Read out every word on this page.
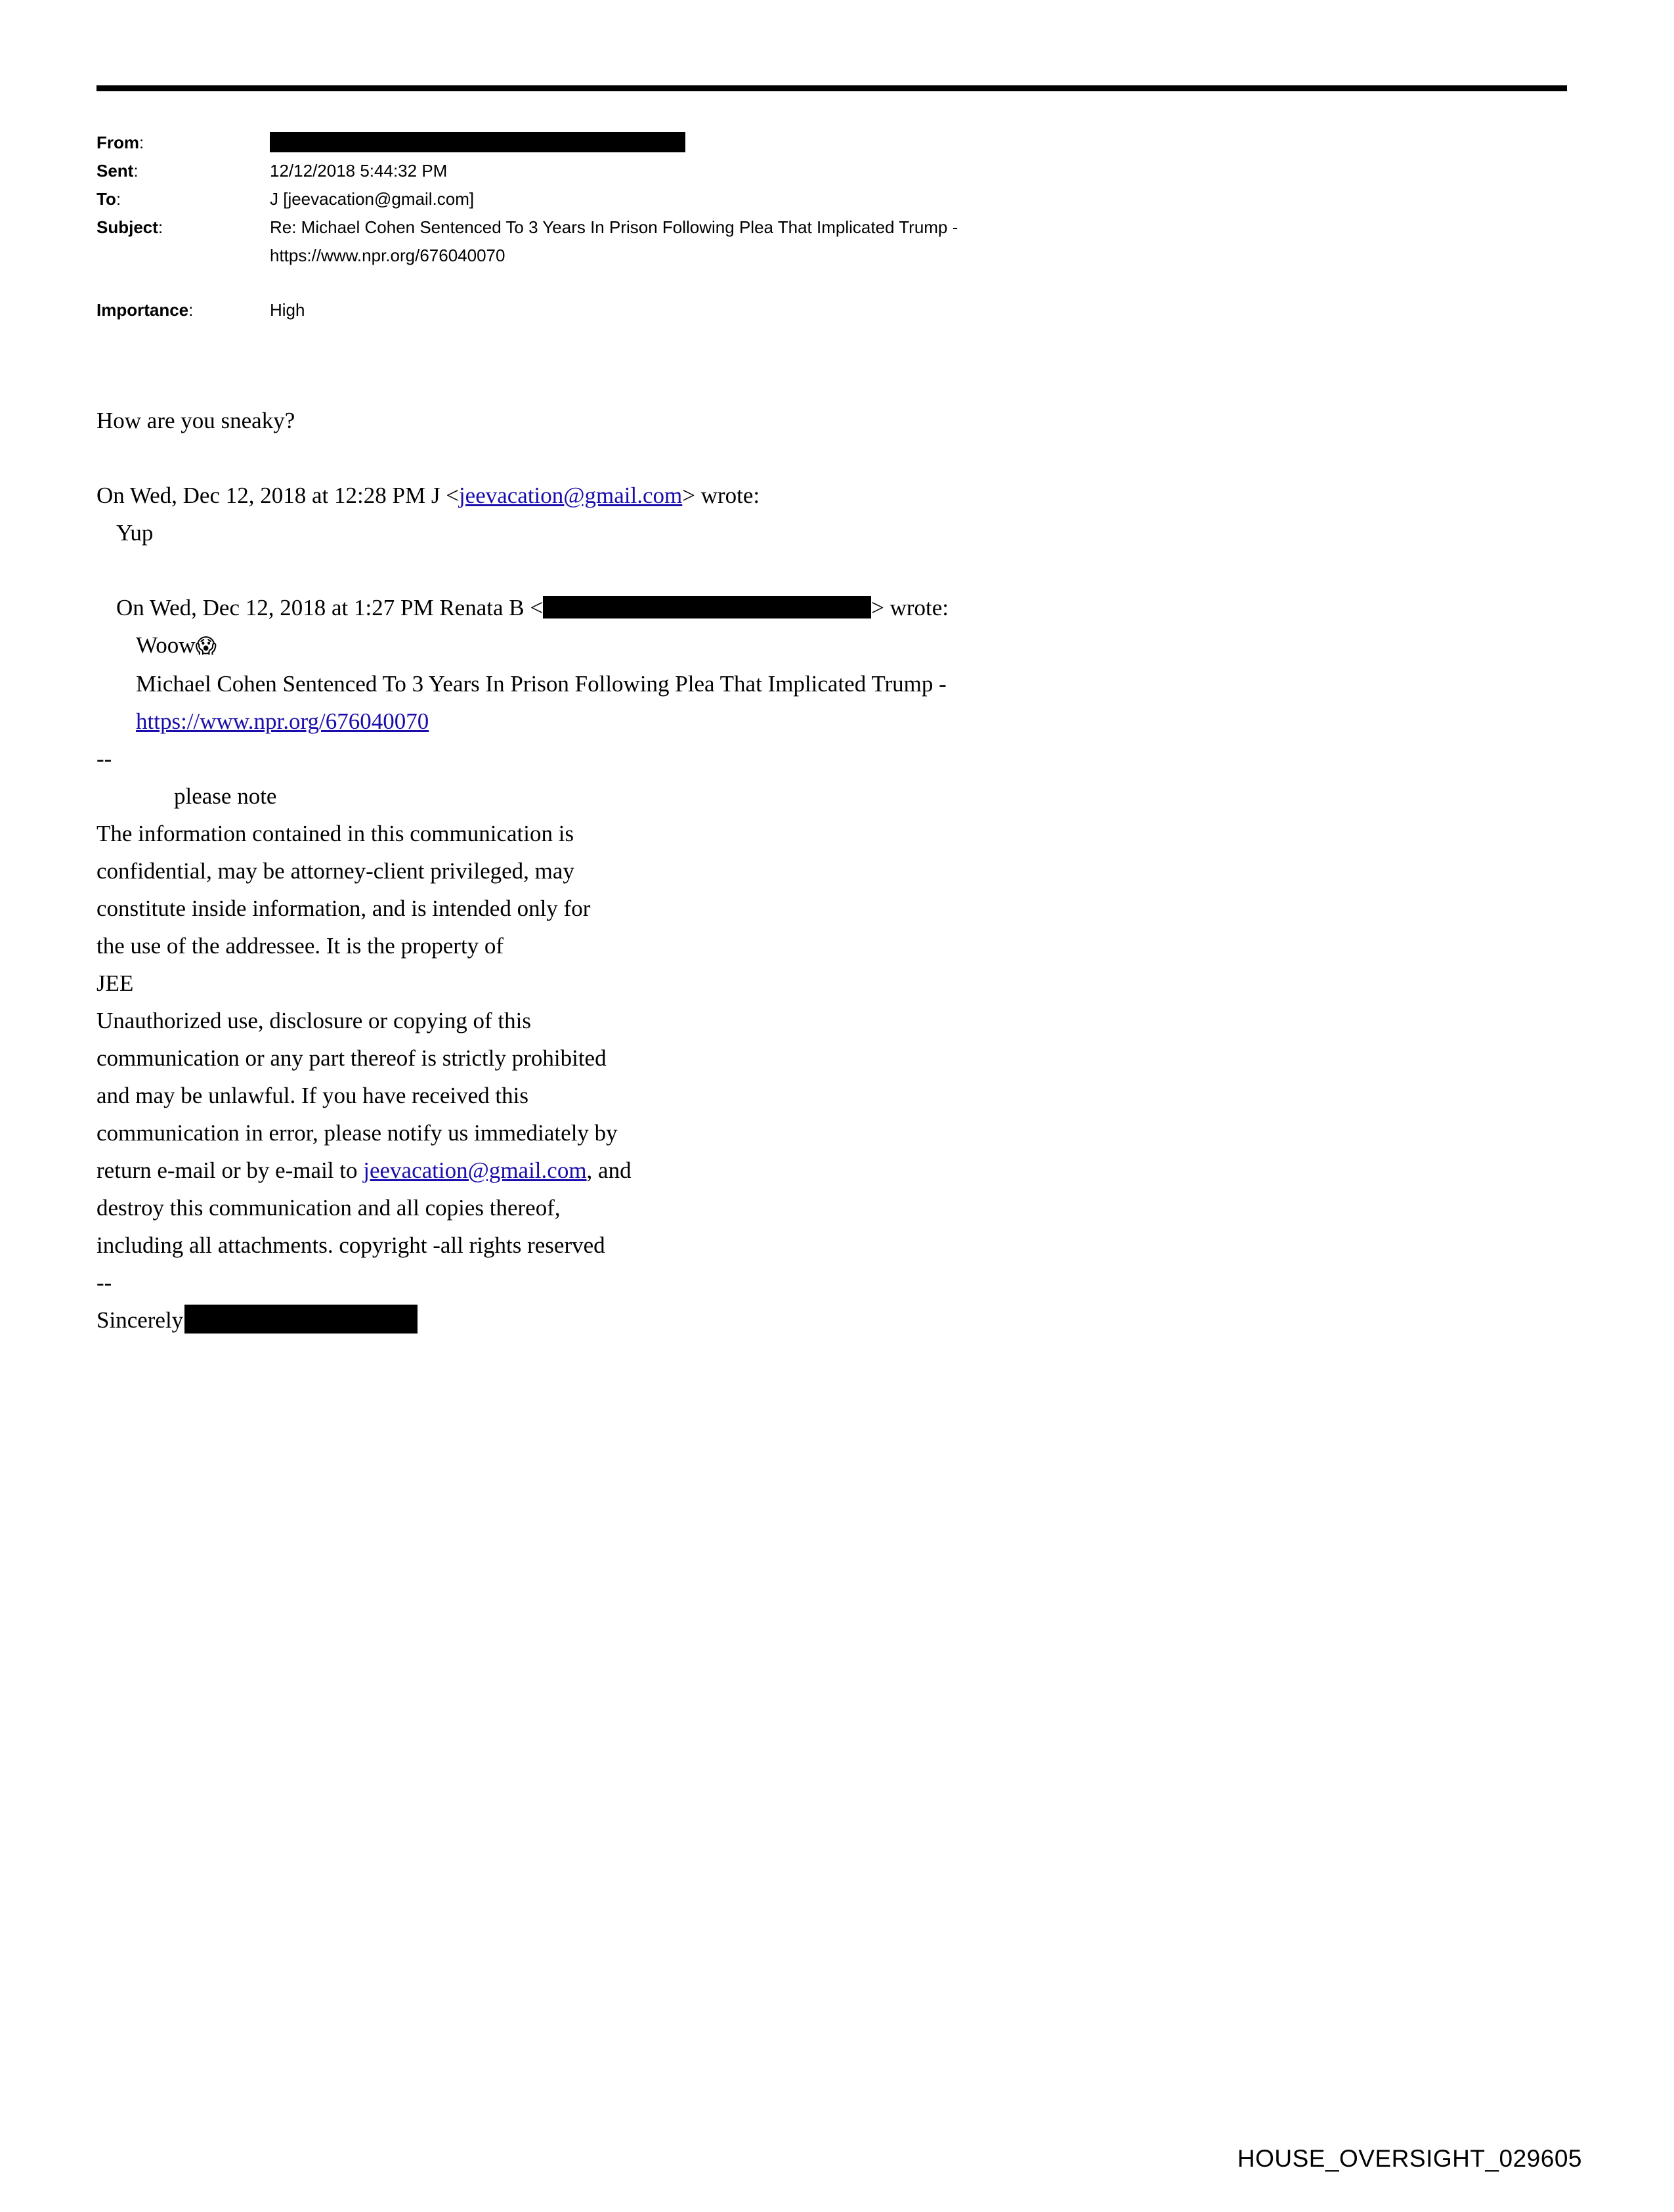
From:
Sent:	12/12/2018 5:44:32 PM
To:	J [jeevacation@gmail.com]
Subject:	Re: Michael Cohen Sentenced To 3 Years In Prison Following Plea That Implicated Trump -
https://www.npr.org/676040070
Importance:	High

How are you sneaky?

On Wed, Dec 12, 2018 at 12:28 PM J <jeevacation@gmail.com> wrote:

Yup

On Wed, Dec 12, 2018 at 1:27 PM Renata B <	> wrote:

Woow😱

Michael Cohen Sentenced To 3 Years In Prison Following Plea That Implicated Trump -

https://www.npr.org/676040070

--

please note

The information contained in this communication is

confidential, may be attorney-client privileged, may

constitute inside information, and is intended only for

the use of the addressee. It is the property of

JEE

Unauthorized use, disclosure or copying of this

communication or any part thereof is strictly prohibited

and may be unlawful. If you have received this

communication in error, please notify us immediately by

return e-mail or by e-mail to jeevacation@gmail.com, and

destroy this communication and all copies thereof,

including all attachments. copyright -all rights reserved

--

Sincerely

HOUSE_OVERSIGHT_029605
